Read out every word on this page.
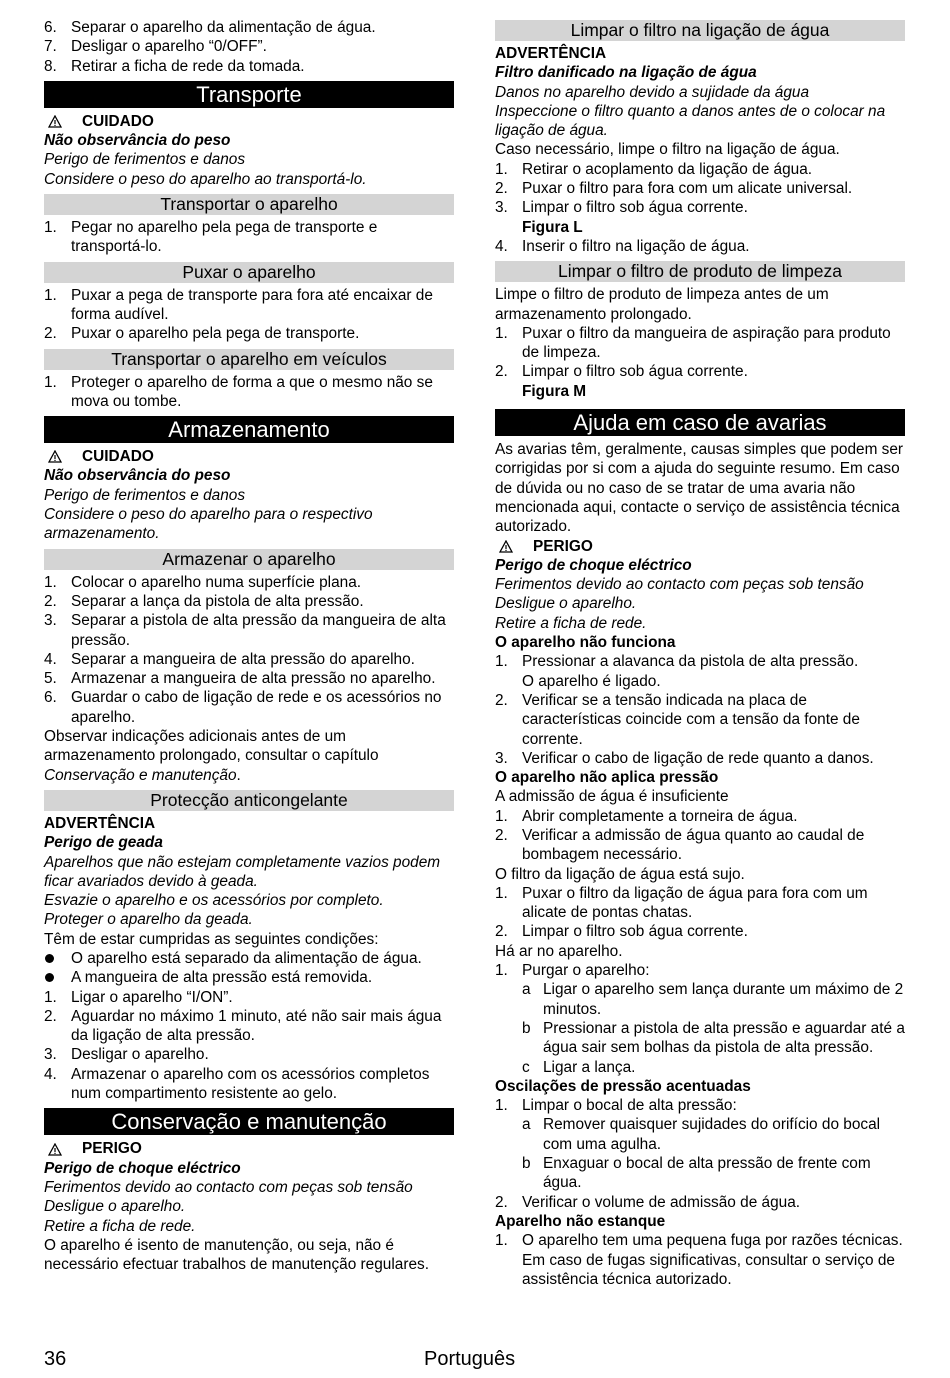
6. Separar o aparelho da alimentação de água.
7. Desligar o aparelho “0/OFF”.
8. Retirar a ficha de rede da tomada.
Transporte
CUIDADO

Não observância do peso

Perigo de ferimentos e danos

Considere o peso do aparelho ao transportá-lo.

Transportar o aparelho
1. Pegar no aparelho pela pega de transporte e transportá-lo.
Puxar o aparelho
1. Puxar a pega de transporte para fora até encaixar de forma audível.
2. Puxar o aparelho pela pega de transporte.
Transportar o aparelho em veículos
1. Proteger o aparelho de forma a que o mesmo não se mova ou tombe.
Armazenamento
CUIDADO

Não observância do peso

Perigo de ferimentos e danos

Considere o peso do aparelho para o respectivo armazenamento.

Armazenar o aparelho
1. Colocar o aparelho numa superfície plana.
2. Separar a lança da pistola de alta pressão.
3. Separar a pistola de alta pressão da mangueira de alta pressão.
4. Separar a mangueira de alta pressão do aparelho.
5. Armazenar a mangueira de alta pressão no aparelho.
6. Guardar o cabo de ligação de rede e os acessórios no aparelho.

Observar indicações adicionais antes de um armazenamento prolongado, consultar o capítulo Conservação e manutenção.

Protecção anticongelante

ADVERTÊNCIA

Perigo de geada

Aparelhos que não estejam completamente vazios podem ficar avariados devido à geada.

Esvazie o aparelho e os acessórios por completo.

Proteger o aparelho da geada.

Têm de estar cumpridas as seguintes condições:

O aparelho está separado da alimentação de água.
A mangueira de alta pressão está removida.
1. Ligar o aparelho “I/ON”.
2. Aguardar no máximo 1 minuto, até não sair mais água da ligação de alta pressão.
3. Desligar o aparelho.
4. Armazenar o aparelho com os acessórios completos num compartimento resistente ao gelo.
Conservação e manutenção
PERIGO

Perigo de choque eléctrico

Ferimentos devido ao contacto com peças sob tensão

Desligue o aparelho.

Retire a ficha de rede.

O aparelho é isento de manutenção, ou seja, não é necessário efectuar trabalhos de manutenção regulares.

Limpar o filtro na ligação de água

ADVERTÊNCIA

Filtro danificado na ligação de água

Danos no aparelho devido a sujidade da água

Inspeccione o filtro quanto a danos antes de o colocar na ligação de água.

Caso necessário, limpe o filtro na ligação de água.

1. Retirar o acoplamento da ligação de água.
2. Puxar o filtro para fora com um alicate universal.
3. Limpar o filtro sob água corrente.

Figura L

4. Inserir o filtro na ligação de água.
Limpar o filtro de produto de limpeza

Limpe o filtro de produto de limpeza antes de um armazenamento prolongado.

1. Puxar o filtro da mangueira de aspiração para produto de limpeza.
2. Limpar o filtro sob água corrente.

Figura M

Ajuda em caso de avarias

As avarias têm, geralmente, causas simples que podem ser corrigidas por si com a ajuda do seguinte resumo. Em caso de dúvida ou no caso de se tratar de uma avaria não mencionada aqui, contacte o serviço de assistência técnica autorizado.

PERIGO

Perigo de choque eléctrico

Ferimentos devido ao contacto com peças sob tensão

Desligue o aparelho.

Retire a ficha de rede.

O aparelho não funciona

1. Pressionar a alavanca da pistola de alta pressão.

O aparelho é ligado.

2. Verificar se a tensão indicada na placa de características coincide com a tensão da fonte de corrente.
3. Verificar o cabo de ligação de rede quanto a danos.

O aparelho não aplica pressão

A admissão de água é insuficiente

1. Abrir completamente a torneira de água.
2. Verificar a admissão de água quanto ao caudal de bombagem necessário.

O filtro da ligação de água está sujo.

1. Puxar o filtro da ligação de água para fora com um alicate de pontas chatas.
2. Limpar o filtro sob água corrente.

Há ar no aparelho.

1. Purgar o aparelho:
a Ligar o aparelho sem lança durante um máximo de 2 minutos.
b Pressionar a pistola de alta pressão e aguardar até a água sair sem bolhas da pistola de alta pressão.
c Ligar a lança.

Oscilações de pressão acentuadas

1. Limpar o bocal de alta pressão:
a Remover quaisquer sujidades do orifício do bocal com uma agulha.
b Enxaguar o bocal de alta pressão de frente com água.
2. Verificar o volume de admissão de água.

Aparelho não estanque

1. O aparelho tem uma pequena fuga por razões técnicas. Em caso de fugas significativas, consultar o serviço de assistência técnica autorizado.
36	Português
